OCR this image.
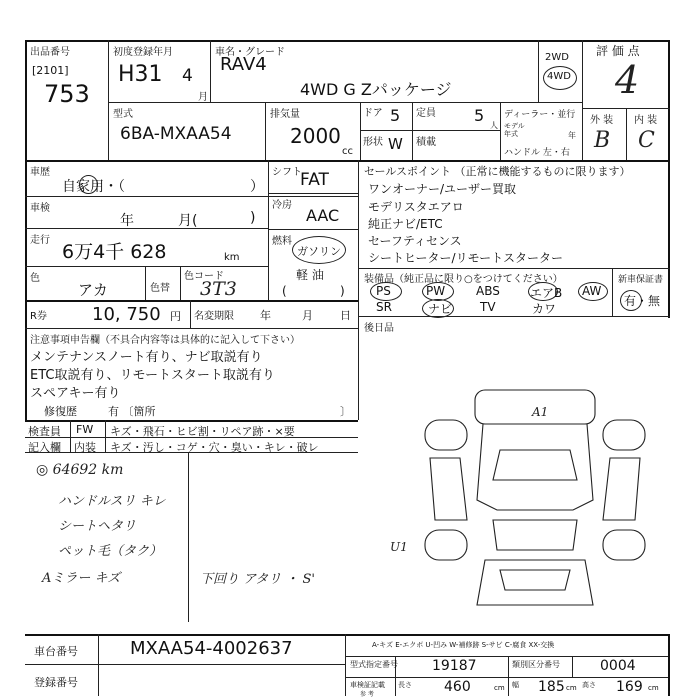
出品番号
[2101]
753
初度登録年月
H31 4
月
車名・グレード
RAV4
4WD G Zパッケージ
2WD
4WD
評 価 点
4
外 装 内 装
B C
型式
6BA-MXAA54
排気量
2000
cc
ドア 5
形状 W
定員 5
人
積載
ディーラー・並行
モデル
年式	年
ハンドル 左・右
車歴
自家用・（	）
車検
年	月(	)
走行
6万4千 628	km
色
アカ	色替
色コード
3T3
シフト
FAT
冷房
AAC
燃料
ガソリン
軽 油
(	)
R券	10, 750 円 名変期限 年	月 日
注意事項申告欄（不具合内容等は具体的に記入して下さい）
メンテナンスノート有り、ナビ取説有り
ETC取説有り、リモートスタート取説有り
スペアキー有り
修復歴	有 〔箇所	〕
セールスポイント （正常に機能するものに限ります）
ワンオーナー/ユーザー買取
モデリスタエアロ
純正ナビ/ETC
セーフティセンス
シートヒーター/リモートスターター
装備品（純正品に限り○をつけてください）
PS	PW	ABS	エアB AW
SR	ナビ TV	カワ
新車保証書
有・無
後日品
A1
U1
検査員
記入欄
FW キズ・飛石・ヒビ割・リペア跡・×要
内装 キズ・汚し・コゲ・穴・臭い・キレ・破レ
◎ 64692 km
ハンドルスリ キレ
シートヘタリ
ペット毛（タク）
Aミラー キズ	下回り アタリ ・ S'
車台番号	MXAA54-4002637
登録番号
A-キズ E-エクボ U-凹み W-補修跡 S-サビ C-腐食 XX-交換
型式指定番号 19187	類別区分番号	0004
車検証記載
参 考
長さ 460	cm 幅 185 cm 高さ 169 cm
